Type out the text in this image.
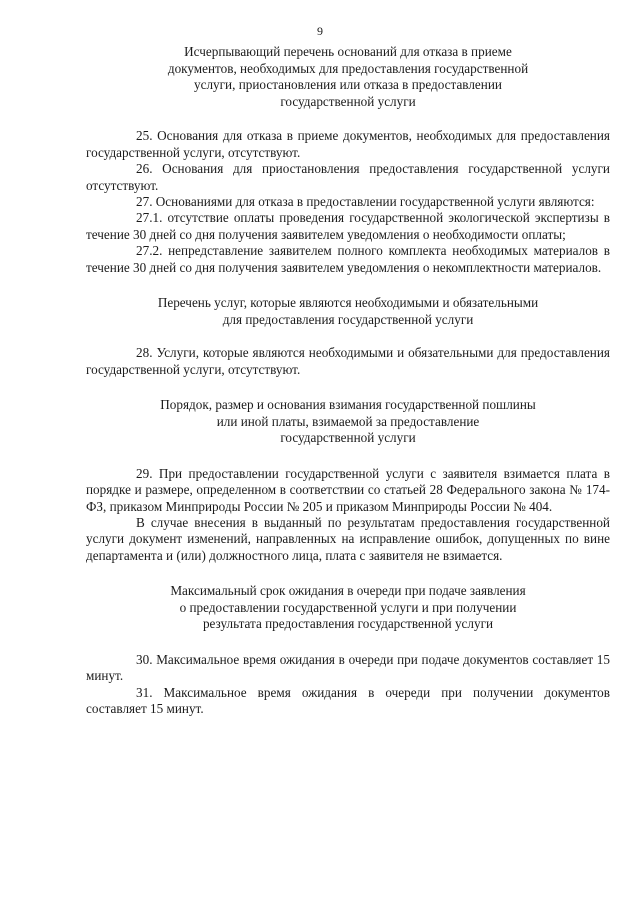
9
Исчерпывающий перечень оснований для отказа в приеме
документов, необходимых для предоставления государственной
услуги, приостановления или отказа в предоставлении
государственной услуги

25. Основания для отказа в приеме документов, необходимых для предоставления государственной услуги, отсутствуют.

26. Основания для приостановления предоставления государственной услуги отсутствуют.

27. Основаниями для отказа в предоставлении государственной услуги являются:

27.1. отсутствие оплаты проведения государственной экологической экспертизы в течение 30 дней со дня получения заявителем уведомления о необходимости оплаты;

27.2. непредставление заявителем полного комплекта необходимых материалов в течение 30 дней со дня получения заявителем уведомления о некомплектности материалов.

Перечень услуг, которые являются необходимыми и обязательными
для предоставления государственной услуги

28. Услуги, которые являются необходимыми и обязательными для предоставления государственной услуги, отсутствуют.

Порядок, размер и основания взимания государственной пошлины
или иной платы, взимаемой за предоставление
государственной услуги

29. При предоставлении государственной услуги с заявителя взимается плата в порядке и размере, определенном в соответствии со статьей 28 Федерального закона № 174-ФЗ, приказом Минприроды России № 205 и приказом Минприроды России № 404.

В случае внесения в выданный по результатам предоставления государственной услуги документ изменений, направленных на исправление ошибок, допущенных по вине департамента и (или) должностного лица, плата с заявителя не взимается.

Максимальный срок ожидания в очереди при подаче заявления
о предоставлении государственной услуги и при получении
результата предоставления государственной услуги

30. Максимальное время ожидания в очереди при подаче документов составляет 15 минут.

31. Максимальное время ожидания в очереди при получении документов составляет 15 минут.
